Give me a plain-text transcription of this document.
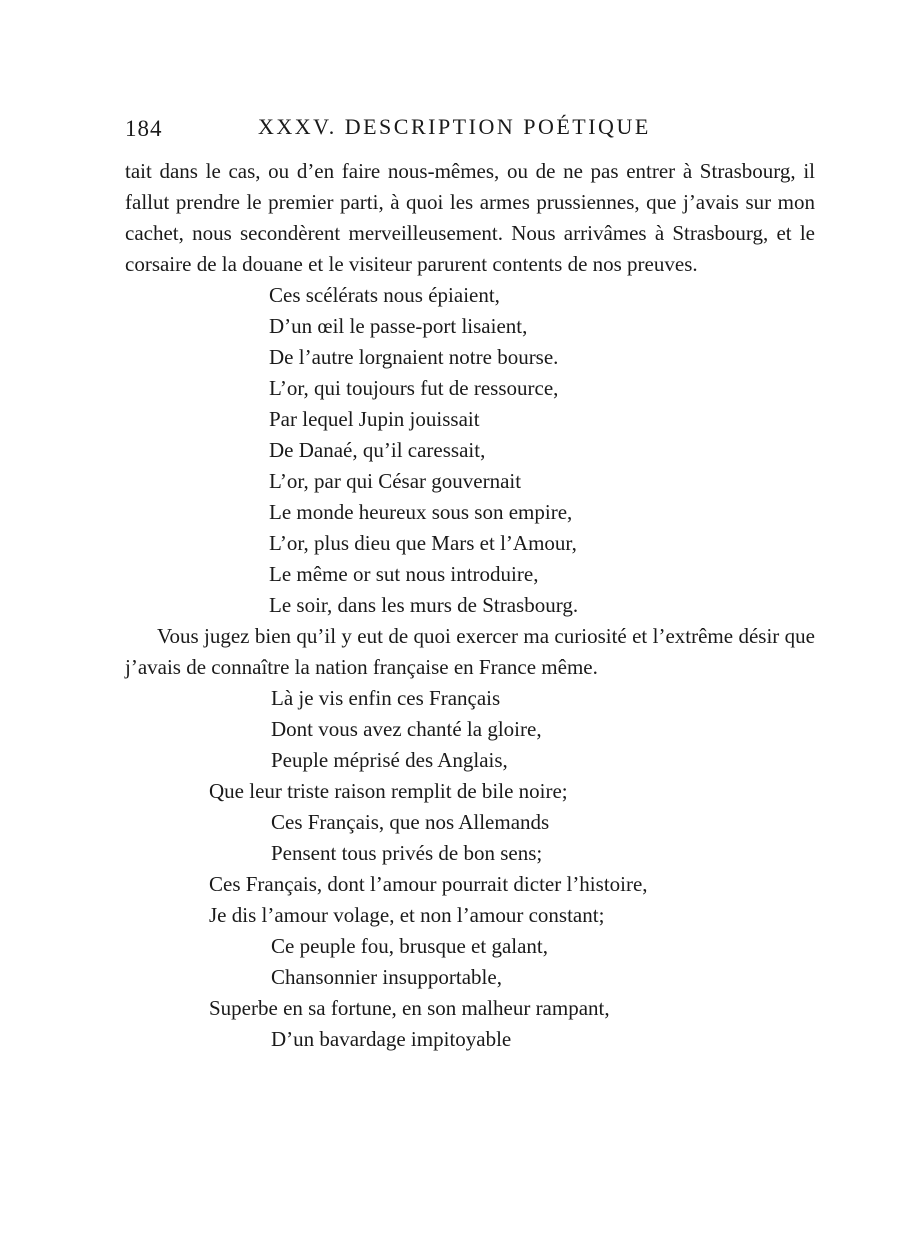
184	XXXV. DESCRIPTION POÉTIQUE

tait dans le cas, ou d’en faire nous-mêmes, ou de ne pas entrer à Strasbourg, il fallut prendre le premier parti, à quoi les armes prussiennes, que j’avais sur mon cachet, nous secondèrent merveilleusement. Nous arrivâmes à Strasbourg, et le corsaire de la douane et le visiteur parurent contents de nos preuves.

Ces scélérats nous épiaient,
D’un œil le passe-port lisaient,
De l’autre lorgnaient notre bourse.
L’or, qui toujours fut de ressource,
Par lequel Jupin jouissait
De Danaé, qu’il caressait,
L’or, par qui César gouvernait
Le monde heureux sous son empire,
L’or, plus dieu que Mars et l’Amour,
Le même or sut nous introduire,
Le soir, dans les murs de Strasbourg.

Vous jugez bien qu’il y eut de quoi exercer ma curiosité et l’extrême désir que j’avais de connaître la nation française en France même.

Là je vis enfin ces Français
Dont vous avez chanté la gloire,
Peuple méprisé des Anglais,
Que leur triste raison remplit de bile noire;
Ces Français, que nos Allemands
Pensent tous privés de bon sens;
Ces Français, dont l’amour pourrait dicter l’histoire,
Je dis l’amour volage, et non l’amour constant;
Ce peuple fou, brusque et galant,
Chansonnier insupportable,
Superbe en sa fortune, en son malheur rampant,
D’un bavardage impitoyable
